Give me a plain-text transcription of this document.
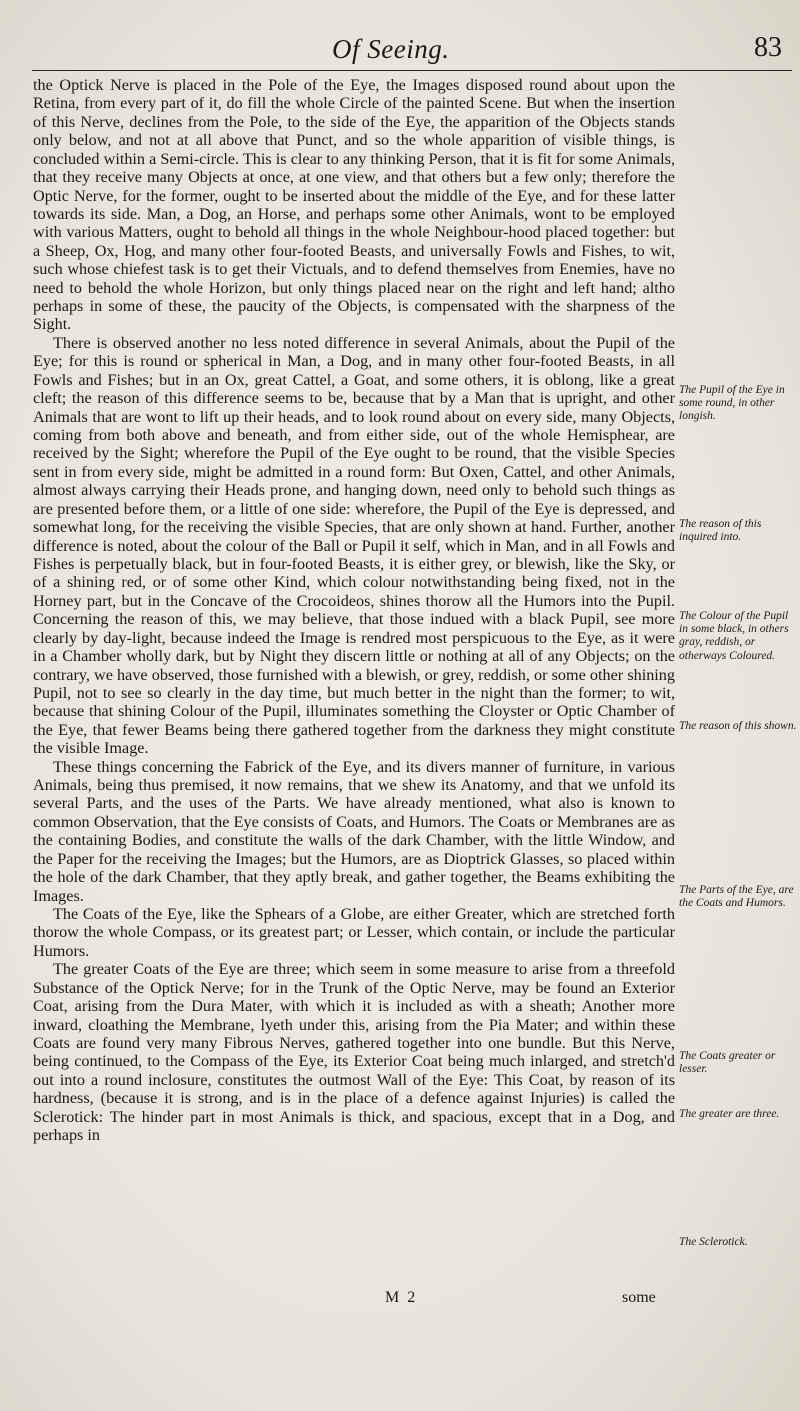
Of Seeing.	83

the Optick Nerve is placed in the Pole of the Eye, the Images disposed round about upon the Retina, from every part of it, do fill the whole Circle of the painted Scene. But when the insertion of this Nerve, declines from the Pole, to the side of the Eye, the apparition of the Objects stands only below, and not at all above that Punct, and so the whole apparition of visible things, is concluded within a Semi-circle. This is clear to any thinking Person, that it is fit for some Animals, that they receive many Objects at once, at one view, and that others but a few only; therefore the Optic Nerve, for the former, ought to be inserted about the middle of the Eye, and for these latter towards its side. Man, a Dog, an Horse, and perhaps some other Animals, wont to be employed with various Matters, ought to behold all things in the whole Neighbour-hood placed together: but a Sheep, Ox, Hog, and many other four-footed Beasts, and universally Fowls and Fishes, to wit, such whose chiefest task is to get their Victuals, and to defend themselves from Enemies, have no need to behold the whole Horizon, but only things placed near on the right and left hand; altho perhaps in some of these, the paucity of the Objects, is compensated with the sharpness of the Sight.

There is observed another no less noted difference in several Animals, about the Pupil of the Eye; for this is round or spherical in Man, a Dog, and in many other four-footed Beasts, in all Fowls and Fishes; but in an Ox, great Cattel, a Goat, and some others, it is oblong, like a great cleft; the reason of this difference seems to be, because that by a Man that is upright, and other Animals that are wont to lift up their heads, and to look round about on every side, many Objects, coming from both above and beneath, and from either side, out of the whole Hemisphear, are received by the Sight; wherefore the Pupil of the Eye ought to be round, that the visible Species sent in from every side, might be admitted in a round form: But Oxen, Cattel, and other Animals, almost always carrying their Heads prone, and hanging down, need only to behold such things as are presented before them, or a little of one side: wherefore, the Pupil of the Eye is depressed, and somewhat long, for the receiving the visible Species, that are only shown at hand. Further, another difference is noted, about the colour of the Ball or Pupil it self, which in Man, and in all Fowls and Fishes is perpetually black, but in four-footed Beasts, it is either grey, or blewish, like the Sky, or of a shining red, or of some other Kind, which colour notwithstanding being fixed, not in the Horney part, but in the Concave of the Crocoideos, shines thorow all the Humors into the Pupil. Concerning the reason of this, we may believe, that those indued with a black Pupil, see more clearly by day-light, because indeed the Image is rendred most perspicuous to the Eye, as it were in a Chamber wholly dark, but by Night they discern little or nothing at all of any Objects; on the contrary, we have observed, those furnished with a blewish, or grey, reddish, or some other shining Pupil, not to see so clearly in the day time, but much better in the night than the former; to wit, because that shining Colour of the Pupil, illuminates something the Cloyster or Optic Chamber of the Eye, that fewer Beams being there gathered together from the darkness they might constitute the visible Image.

These things concerning the Fabrick of the Eye, and its divers manner of furniture, in various Animals, being thus premised, it now remains, that we shew its Anatomy, and that we unfold its several Parts, and the uses of the Parts. We have already mentioned, what also is known to common Observation, that the Eye consists of Coats, and Humors. The Coats or Membranes are as the containing Bodies, and constitute the walls of the dark Chamber, with the little Window, and the Paper for the receiving the Images; but the Humors, are as Dioptrick Glasses, so placed within the hole of the dark Chamber, that they aptly break, and gather together, the Beams exhibiting the Images.

The Coats of the Eye, like the Sphears of a Globe, are either Greater, which are stretched forth thorow the whole Compass, or its greatest part; or Lesser, which contain, or include the particular Humors.

The greater Coats of the Eye are three; which seem in some measure to arise from a threefold Substance of the Optick Nerve; for in the Trunk of the Optic Nerve, may be found an Exterior Coat, arising from the Dura Mater, with which it is included as with a sheath; Another more inward, cloathing the Membrane, lyeth under this, arising from the Pia Mater; and within these Coats are found very many Fibrous Nerves, gathered together into one bundle. But this Nerve, being continued, to the Compass of the Eye, its Exterior Coat being much inlarged, and stretch'd out into a round inclosure, constitutes the outmost Wall of the Eye: This Coat, by reason of its hardness, (because it is strong, and is in the place of a defence against Injuries) is called the Sclerotick: The hinder part in most Animals is thick, and spacious, except that in a Dog, and perhaps in

The Pupil of the Eye in some round, in other longish.
The reason of this inquired into.
The Colour of the Pupil in some black, in others gray, reddish, or otherways Coloured.
The reason of this shown.
The Parts of the Eye, are the Coats and Humors.
The Coats greater or lesser.
The greater are three.
The Sclerotick.
M 2	some
